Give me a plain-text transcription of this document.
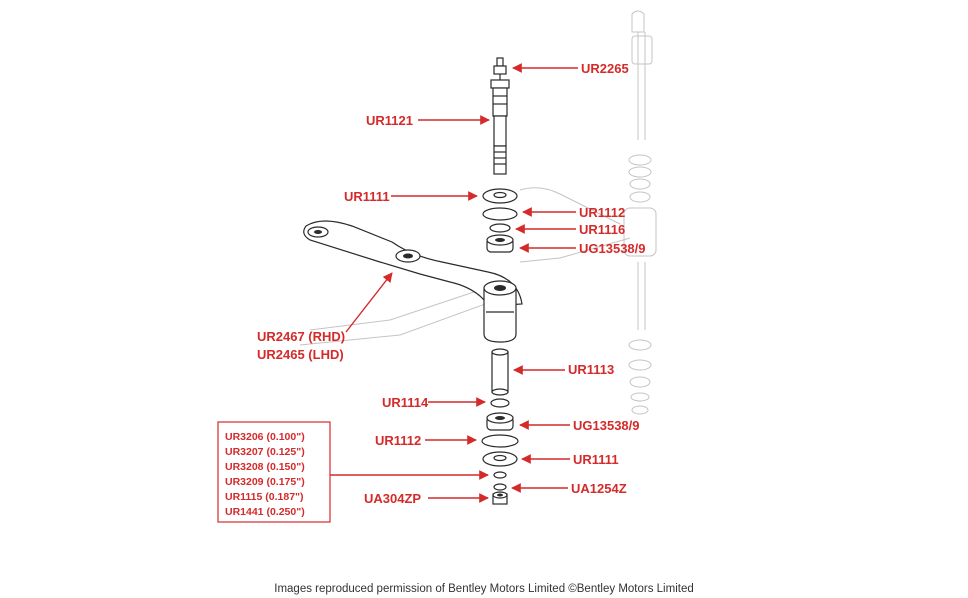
UR2265
UR1121
UR1111
UR1112
UR1116
UG13538/9
UR2467 (RHD)
UR2465 (LHD)
UR1113
UR1114
UG13538/9
UR1112
UR1111
UA1254Z
UA304ZP
UR3206 (0.100")
UR3207 (0.125")
UR3208 (0.150")
UR3209 (0.175")
UR1115 (0.187")
UR1441 (0.250")
Images reproduced permission of Bentley Motors Limited ©Bentley Motors Limited
